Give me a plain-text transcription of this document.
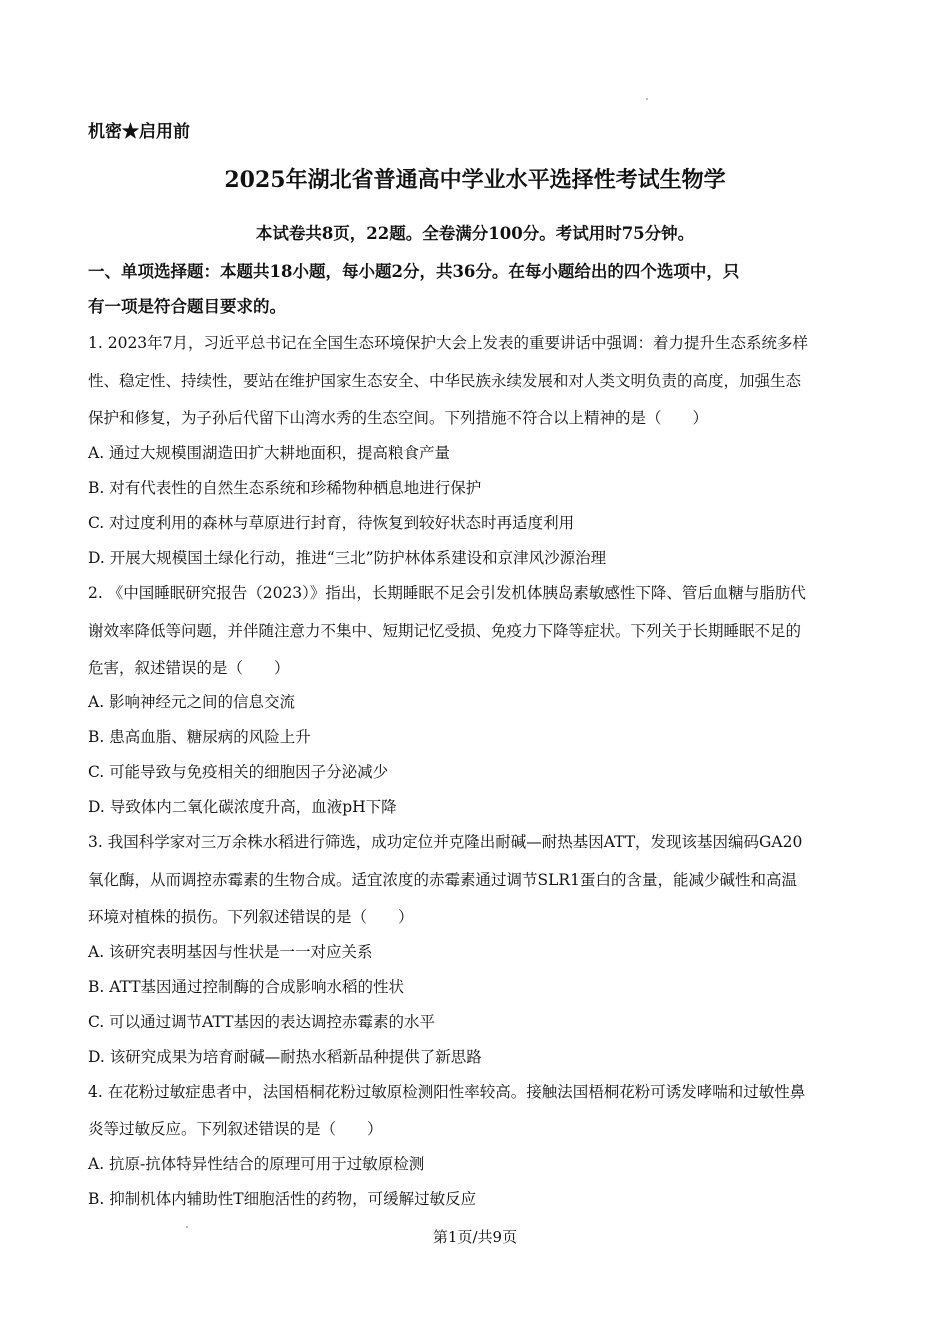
机密★启用前
2025年湖北省普通高中学业水平选择性考试生物学
本试卷共8页，22题。全卷满分100分。考试用时75分钟。
一、单项选择题：本题共18小题，每小题2分，共36分。在每小题给出的四个选项中，只
有一项是符合题目要求的。
1. 2023年7月，习近平总书记在全国生态环境保护大会上发表的重要讲话中强调：着力提升生态系统多样
性、稳定性、持续性，要站在维护国家生态安全、中华民族永续发展和对人类文明负责的高度，加强生态
保护和修复，为子孙后代留下山湾水秀的生态空间。下列措施不符合以上精神的是（　　）
A. 通过大规模围湖造田扩大耕地面积，提高粮食产量
B. 对有代表性的自然生态系统和珍稀物种栖息地进行保护
C. 对过度利用的森林与草原进行封育，待恢复到较好状态时再适度利用
D. 开展大规模国土绿化行动，推进“三北”防护林体系建设和京津风沙源治理
2. 《中国睡眠研究报告（2023）》指出，长期睡眠不足会引发机体胰岛素敏感性下降、管后血糖与脂肪代
谢效率降低等问题，并伴随注意力不集中、短期记忆受损、免疫力下降等症状。下列关于长期睡眠不足的
危害，叙述错误的是（　　）
A. 影响神经元之间的信息交流
B. 患高血脂、糖尿病的风险上升
C. 可能导致与免疫相关的细胞因子分泌减少
D. 导致体内二氧化碳浓度升高，血液pH下降
3. 我国科学家对三万余株水稻进行筛选，成功定位并克隆出耐碱—耐热基因ATT，发现该基因编码GA20
氧化酶，从而调控赤霉素的生物合成。适宜浓度的赤霉素通过调节SLR1蛋白的含量，能减少碱性和高温
环境对植株的损伤。下列叙述错误的是（　　）
A. 该研究表明基因与性状是一一对应关系
B. ATT基因通过控制酶的合成影响水稻的性状
C. 可以通过调节ATT基因的表达调控赤霉素的水平
D. 该研究成果为培育耐碱—耐热水稻新品种提供了新思路
4. 在花粉过敏症患者中，法国梧桐花粉过敏原检测阳性率较高。接触法国梧桐花粉可诱发哮喘和过敏性鼻
炎等过敏反应。下列叙述错误的是（　　）
A. 抗原-抗体特异性结合的原理可用于过敏原检测
B. 抑制机体内辅助性T细胞活性的药物，可缓解过敏反应
第1页/共9页
